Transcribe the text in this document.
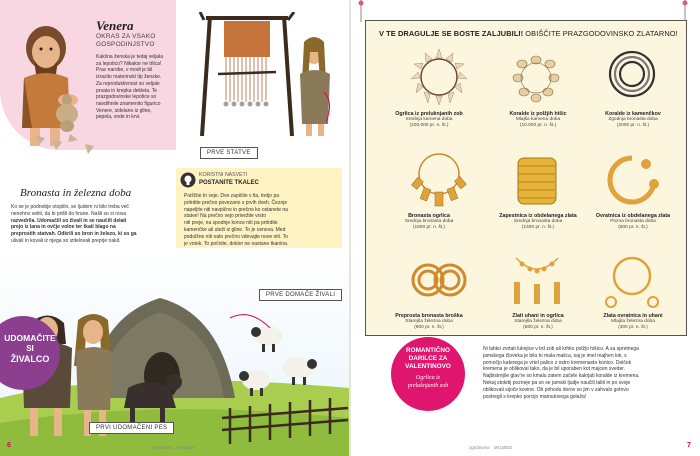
Venera
OKRAS ZA VSAKO
GOSPODINJSTVO
Kakšna ženska je tedaj veljala
za lepotico? Nikakor ne trlica!
Prav narobe, v modi je bil
izrazito materinski tip ženske.
Za reproduktivnost so veljale
prsata in krepka dekleta. Te
prazgodovinske lepotice so
navdihnile znamenito figurico
Venere, izdelano iz gline,
pepela, vode in krvi.
PRVE STATVE
Bronasta in železna doba
Ko se je podnebje otoplilo, se ljudem ni bilo treba več
nenehno seliti, da bi prišli do hrane. Našli so si nova
razvedrila. Udomačili so živali in se naučili delati
prejo iz lana in ovčje volne ter tkati blago na
preprostih statvah. Odkrili so bron in železo, ki so ga
ulivali in kovali iz njega so izdelovali preprje nakit.
KORISTNI NASVETI
POSTANITE TKALEC
Poiščite tri veje. Dve zapičite v tla, tretjo pa
pritrdite prečno povezano s prvih dveh. Čeznje
napeljite niti navpično in prečno ko ostanete na
statve! Na prečno vejo privežite vrsto
niti preje, na spodnje konce niti pa pritrdite
kamenčke ali uteži iz gline. To je osnova. Med
podolžne niti nato prečno vdevajte nove niti. To
je votek. To počnite, dokler ne nastane tkanina.
PRVE DOMAČE ŽIVALI
PRVI UDOMAČENI PES
UDOMAČITE
SI
ŽIVALCO
6	zgodovina MOJBEE
V TE DRAGULJE SE BOSTE ZALJUBILI! OBIŠČITE PRAZGODOVINSKO ZLATARNO!
Ogrlica iz preluknjanih zob
Srednja kamena doba
(100.000 pr. n. št.)
Koralde iz polžjih hišic
Mlajša kamena doba
(10.000 pr. n. št.)
Koralde iz kamenčkov
Zgodnja bronasta doba
(2000 pr. n. št.)
Bronasta ogrlica
Srednja bronasta doba
(1500 pr. n. št.)
Zapestnica iz obdelanega zlata
Srednja bronasta doba
(1400 pr. n. št.)
Ovratnica iz obdelanega zlata
Pozna bronasta doba
(800 pr. n. št.)
Preprosta bronasta broška
Starejša železna doba
(600 pr. n. št.)
Zlati uhani in ogrlica
Starejša železna doba
(500 pr. n. št.)
Zlata ovratnica in uhani
Mlajša železna doba
(300 pr. n. št.)
ROMANTIČNO
DARILCE ZA
VALENTINOVO
Ogrlica iz
preluknjanih zob
Ni lahko zvrtati luknjice v trd zob ali krhko polžjo hišico. A za spretnega
jamskega človeka je bila to mala malica, saj je imel majhen lok, s
pomočjo katerega je vrtel palico z ostro kremenasto konico. Delček
kremena je oblikoval tako, da je bil uporaben kot majcen sveder.
Najbistrejše glav're so kmalu zatem začele kakrjati koralde iz kremena.
Nekaj stoletij pozneje pa so se jamski ljudje naučili taliti in po svoje
oblikovati sijoče kovine. Ob prihodu dorov so jim v zahvalo gotovo
postregli s krepko porcijo mamutovega golaža!
zgodovina MOJBEE	7
